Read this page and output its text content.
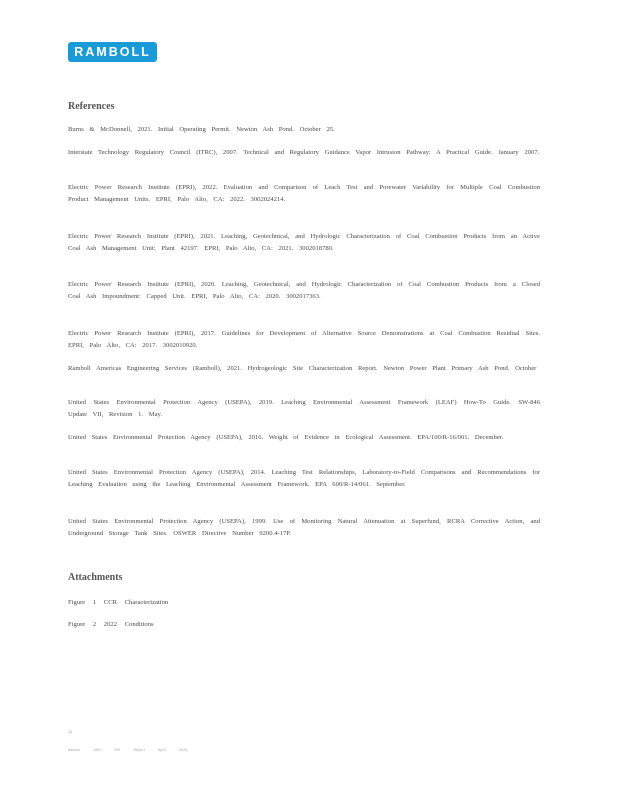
RAMBOLL
References

Burns & McDonnell, 2021. Initial Operating Permit. Newton Ash Pond. October 25.

Interstate Technology Regulatory Council (ITRC), 2007. Technical and Regulatory Guidance Vapor Intrusion Pathway: A Practical Guide. January 2007.

Electric Power Research Institute (EPRI), 2022. Evaluation and Comparison of Leach Test and Porewater Variability for Multiple Coal Combustion Product Management Units. EPRI, Palo Alto, CA: 2022. 3002024214.

Electric Power Research Institute (EPRI), 2021. Leaching, Geotechnical, and Hydrologic Characterization of Coal Combustion Products from an Active Coal Ash Management Unit: Plant 42197. EPRI, Palo Alto, CA: 2021. 3002018780.

Electric Power Research Institute (EPRI), 2020. Leaching, Geotechnical, and Hydrologic Characterization of Coal Combustion Products from a Closed Coal Ash Impoundment: Capped Unit. EPRI, Palo Alto, CA: 2020. 3002017363.

Electric Power Research Institute (EPRI), 2017. Guidelines for Development of Alternative Source Demonstrations at Coal Combustion Residual Sites. EPRI, Palo Alto, CA: 2017. 3002010920.

Ramboll Americas Engineering Services (Ramboll), 2021. Hydrogeologic Site Characterization Report. Newton Power Plant Primary Ash Pond. October

United States Environmental Protection Agency (USEPA), 2019. Leaching Environmental Assessment Framework (LEAF) How-To Guide. SW-846 Update VII, Revision 1. May.

United States Environmental Protection Agency (USEPA), 2016. Weight of Evidence in Ecological Assessment. EPA/100/R-16/001. December.

United States Environmental Protection Agency (USEPA), 2014. Leaching Test Relationships, Laboratory-to-Field Comparisons and Recommendations for Leaching Evaluation using the Leaching Environmental Assessment Framework. EPA 600/R-14/061. September.

United States Environmental Protection Agency (USEPA), 1999. Use of Monitoring Natural Attenuation at Superfund, RCRA Corrective Action, and Underground Storage Tank Sites. OSWER Directive Number 9200.4-17P.

Attachments

Figure 1 CCR Characterization

Figure 2 2022 Conditions

11
Newton ASD IRS Report April 2024
